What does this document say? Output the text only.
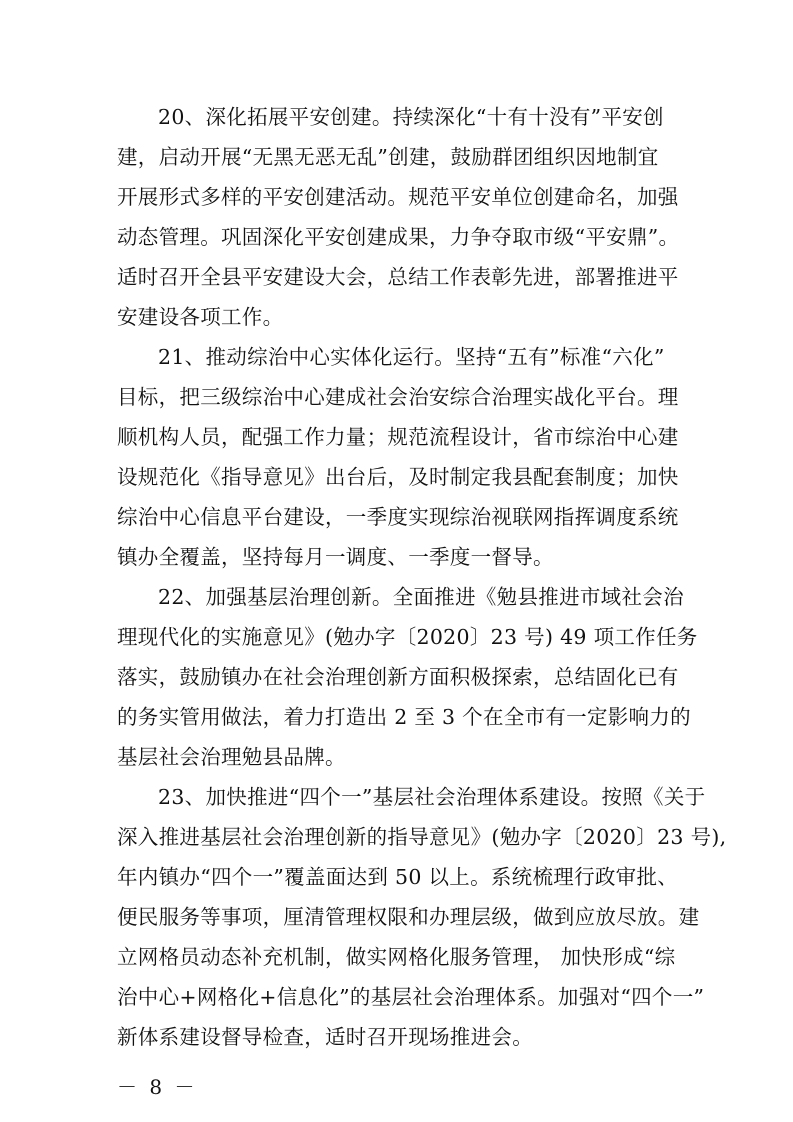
20、深化拓展平安创建。持续深化“十有十没有”平安创
建，启动开展“无黑无恶无乱”创建，鼓励群团组织因地制宜
开展形式多样的平安创建活动。规范平安单位创建命名，加强
动态管理。巩固深化平安创建成果，力争夺取市级“平安鼎”。
适时召开全县平安建设大会，总结工作表彰先进，部署推进平
安建设各项工作。
21、推动综治中心实体化运行。坚持“五有”标准“六化”
目标，把三级综治中心建成社会治安综合治理实战化平台。理
顺机构人员，配强工作力量；规范流程设计，省市综治中心建
设规范化《指导意见》出台后，及时制定我县配套制度；加快
综治中心信息平台建设，一季度实现综治视联网指挥调度系统
镇办全覆盖，坚持每月一调度、一季度一督导。
22、加强基层治理创新。全面推进《勉县推进市域社会治
理现代化的实施意见》(勉办字〔2020〕23 号) 49 项工作任务
落实，鼓励镇办在社会治理创新方面积极探索，总结固化已有
的务实管用做法，着力打造出 2 至 3 个在全市有一定影响力的
基层社会治理勉县品牌。
23、加快推进“四个一”基层社会治理体系建设。按照《关于
深入推进基层社会治理创新的指导意见》(勉办字〔2020〕23 号),
年内镇办“四个一”覆盖面达到 50 以上。系统梳理行政审批、
便民服务等事项，厘清管理权限和办理层级，做到应放尽放。建
立网格员动态补充机制，做实网格化服务管理， 加快形成“综
治中心+网格化+信息化”的基层社会治理体系。加强对“四个一”
新体系建设督导检查，适时召开现场推进会。
－ 8 －
